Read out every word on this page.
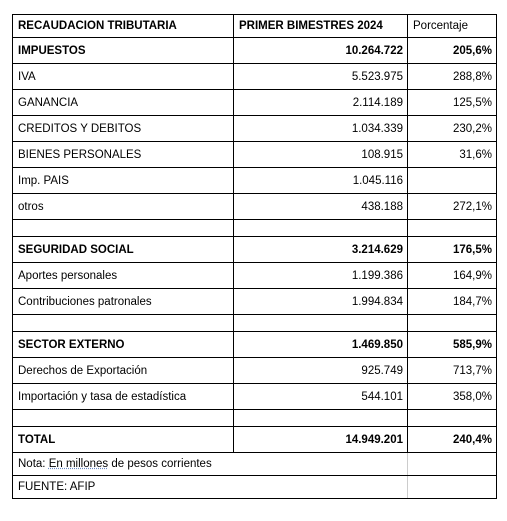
RECAUDACION TRIBUTARIA	PRIMER BIMESTRES 2024	Porcentaje
IMPUESTOS	10.264.722	205,6%
IVA	5.523.975	288,8%
GANANCIA	2.114.189	125,5%
CREDITOS Y DEBITOS	1.034.339	230,2%
BIENES PERSONALES	108.915	31,6%
Imp. PAIS	1.045.116	
otros	438.188	272,1%

SEGURIDAD SOCIAL	3.214.629	176,5%
Aportes personales	1.199.386	164,9%
Contribuciones patronales	1.994.834	184,7%

SECTOR EXTERNO	1.469.850	585,9%
Derechos de Exportación	925.749	713,7%
Importación y tasa de estadística	544.101	358,0%

TOTAL	14.949.201	240,4%
Nota: En millones de pesos corrientes		
FUENTE: AFIP		
